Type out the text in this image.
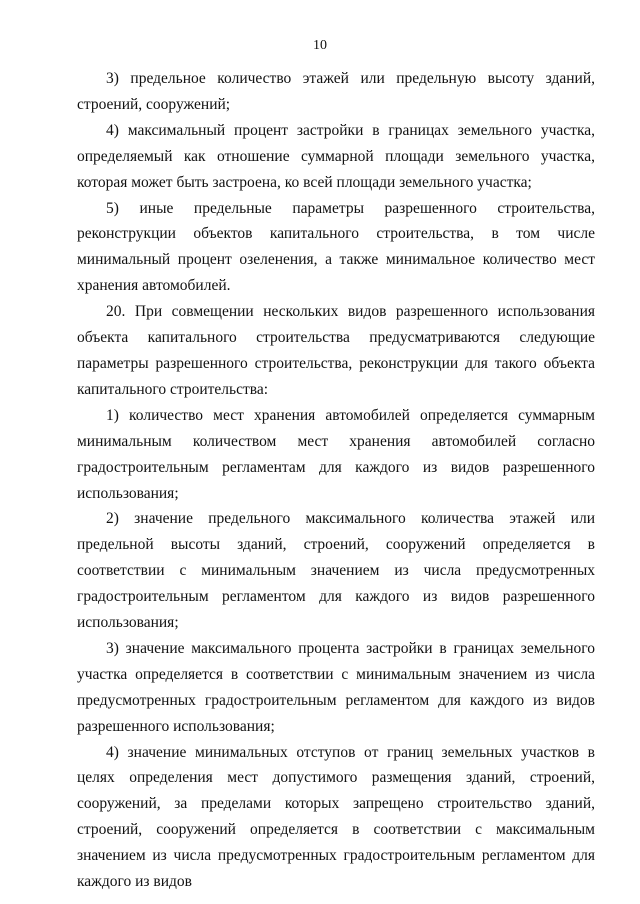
10

3) предельное количество этажей или предельную высоту зданий, строений, сооружений;

4) максимальный процент застройки в границах земельного участка, определяемый как отношение суммарной площади земельного участка, которая может быть застроена, ко всей площади земельного участка;

5) иные предельные параметры разрешенного строительства, реконструкции объектов капитального строительства, в том числе минимальный процент озеленения, а также минимальное количество мест хранения автомобилей.

20. При совмещении нескольких видов разрешенного использования объекта капитального строительства предусматриваются следующие параметры разрешенного строительства, реконструкции для такого объекта капитального строительства:

1) количество мест хранения автомобилей определяется суммарным минимальным количеством мест хранения автомобилей согласно градостроительным регламентам для каждого из видов разрешенного использования;

2) значение предельного максимального количества этажей или предельной высоты зданий, строений, сооружений определяется в соответствии с минимальным значением из числа предусмотренных градостроительным регламентом для каждого из видов разрешенного использования;

3) значение максимального процента застройки в границах земельного участка определяется в соответствии с минимальным значением из числа предусмотренных градостроительным регламентом для каждого из видов разрешенного использования;

4) значение минимальных отступов от границ земельных участков в целях определения мест допустимого размещения зданий, строений, сооружений, за пределами которых запрещено строительство зданий, строений, сооружений определяется в соответствии с максимальным значением из числа предусмотренных градостроительным регламентом для каждого из видов
